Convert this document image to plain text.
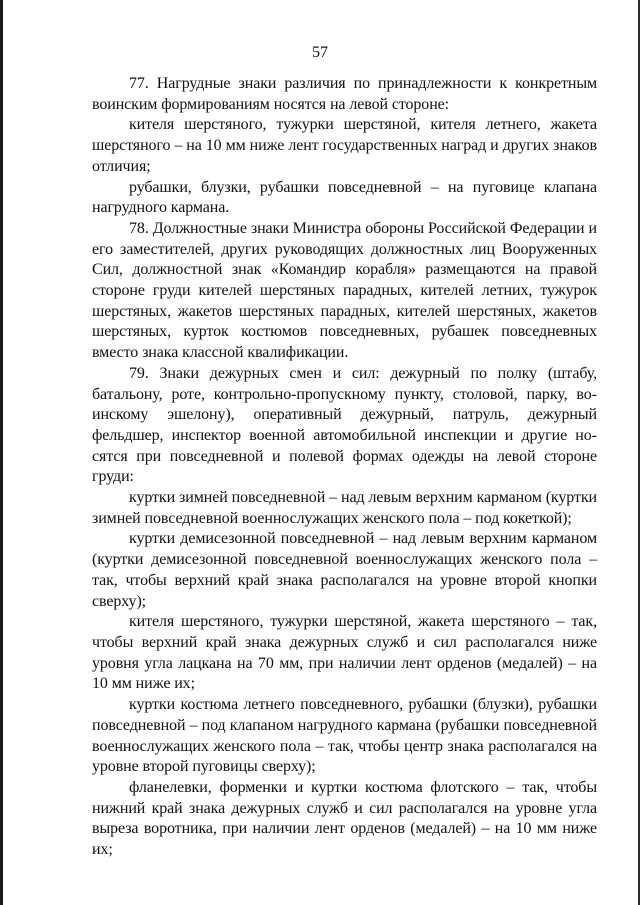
57

77. Нагрудные знаки различия по принадлежности к конкретным воинским формированиям носятся на левой стороне:

кителя шерстяного, тужурки шерстяной, кителя летнего, жакета шерстяного – на 10 мм ниже лент государственных наград и других знаков отличия;

рубашки, блузки, рубашки повседневной – на пуговице клапана нагрудного кармана.

78. Должностные знаки Министра обороны Российской Федерации и его заместителей, других руководящих должностных лиц Вооруженных Сил, должностной знак «Командир корабля» размещаются на правой стороне груди кителей шерстяных парадных, кителей летних, тужурок шерстяных, жакетов шерстяных парадных, кителей шерстяных, жакетов шерстяных, курток костюмов повседневных, рубашек повседневных вместо знака классной квалификации.

79. Знаки дежурных смен и сил: дежурный по полку (штабу, батальону, роте, контрольно-пропускному пункту, столовой, парку, воинскому эшелону), оперативный дежурный, патруль, дежурный фельдшер, инспектор военной автомобильной инспекции и другие носятся при повседневной и полевой формах одежды на левой стороне груди:

куртки зимней повседневной – над левым верхним карманом (куртки зимней повседневной военнослужащих женского пола – под кокеткой);

куртки демисезонной повседневной – над левым верхним карманом (куртки демисезонной повседневной военнослужащих женского пола – так, чтобы верхний край знака располагался на уровне второй кнопки сверху);

кителя шерстяного, тужурки шерстяной, жакета шерстяного – так, чтобы верхний край знака дежурных служб и сил располагался ниже уровня угла лацкана на 70 мм, при наличии лент орденов (медалей) – на 10 мм ниже их;

куртки костюма летнего повседневного, рубашки (блузки), рубашки повседневной – под клапаном нагрудного кармана (рубашки повседневной военнослужащих женского пола – так, чтобы центр знака располагался на уровне второй пуговицы сверху);

фланелевки, форменки и куртки костюма флотского – так, чтобы нижний край знака дежурных служб и сил располагался на уровне угла выреза воротника, при наличии лент орденов (медалей) – на 10 мм ниже их;
